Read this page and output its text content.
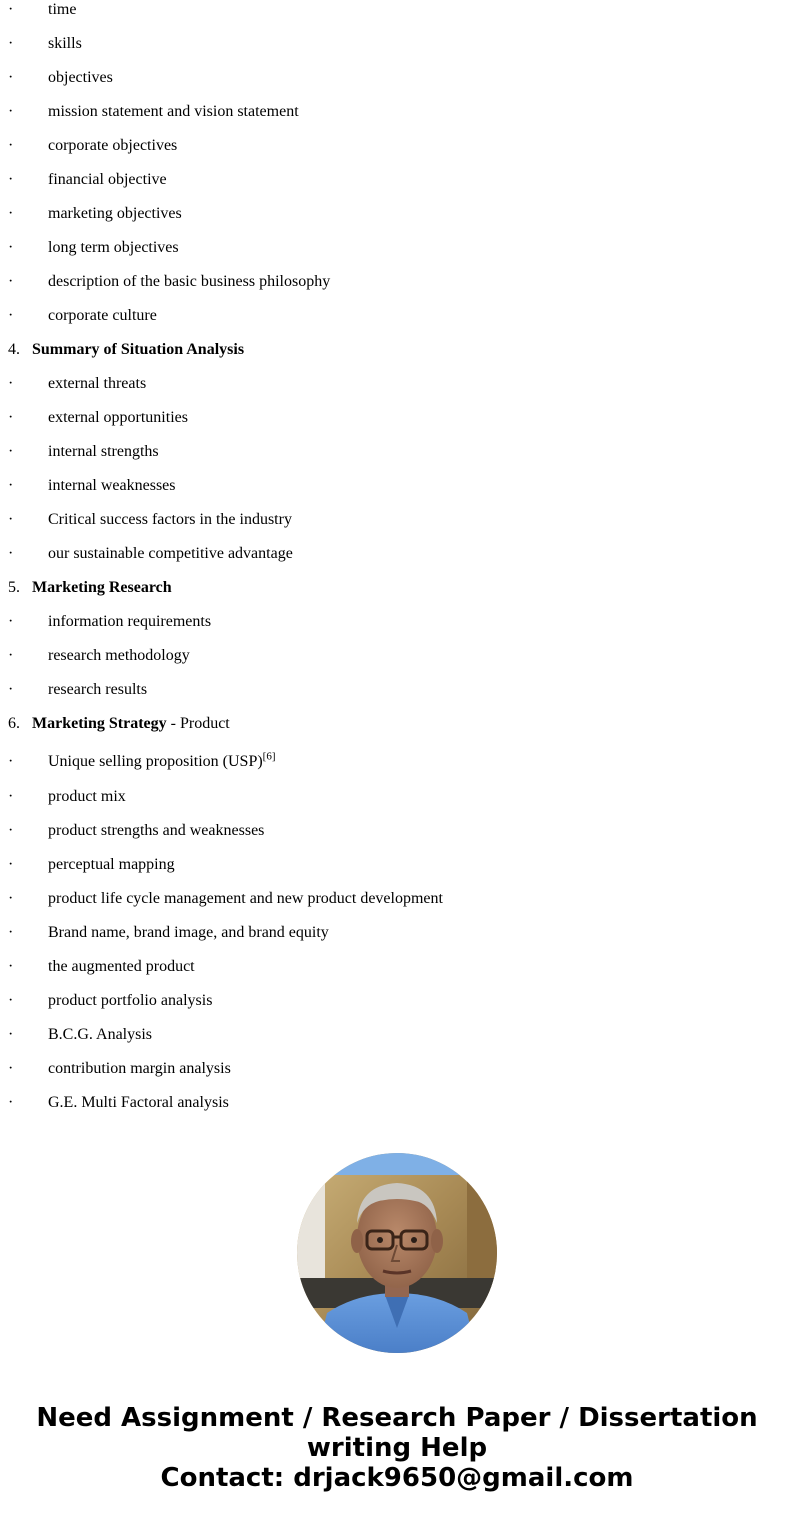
· time
· skills
· objectives
· mission statement and vision statement
· corporate objectives
· financial objective
· marketing objectives
· long term objectives
· description of the basic business philosophy
· corporate culture
4. Summary of Situation Analysis
· external threats
· external opportunities
· internal strengths
· internal weaknesses
· Critical success factors in the industry
· our sustainable competitive advantage
5. Marketing Research
· information requirements
· research methodology
· research results
6. Marketing Strategy - Product
· Unique selling proposition (USP)[6]
· product mix
· product strengths and weaknesses
· perceptual mapping
· product life cycle management and new product development
· Brand name, brand image, and brand equity
· the augmented product
· product portfolio analysis
· B.C.G. Analysis
· contribution margin analysis
· G.E. Multi Factoral analysis
Need Assignment / Research Paper / Dissertation
writing Help
Contact: drjack9650@gmail.com
